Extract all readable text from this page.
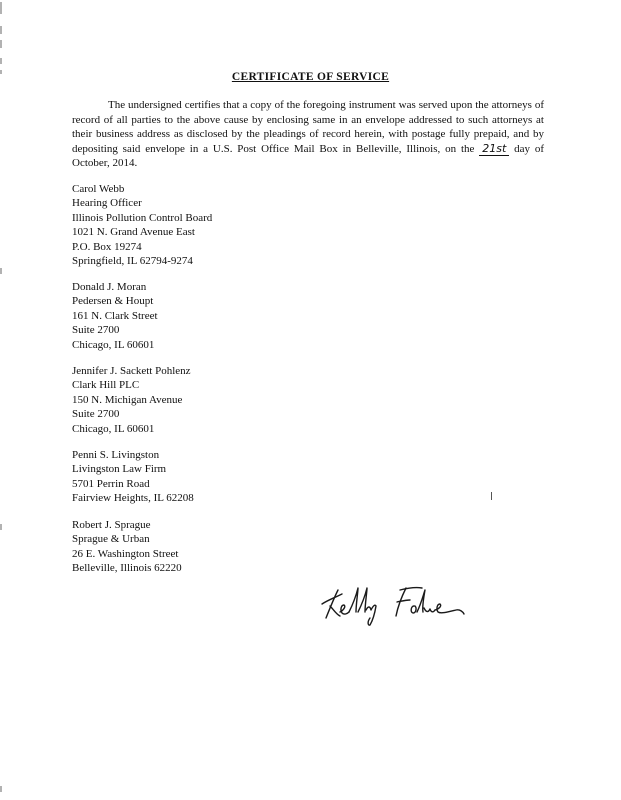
CERTIFICATE OF SERVICE
The undersigned certifies that a copy of the foregoing instrument was served upon the attorneys of record of all parties to the above cause by enclosing same in an envelope addressed to such attorneys at their business address as disclosed by the pleadings of record herein, with postage fully prepaid, and by depositing said envelope in a U.S. Post Office Mail Box in Belleville, Illinois, on the 21st day of October, 2014.
Carol Webb
Hearing Officer
Illinois Pollution Control Board
1021 N. Grand Avenue East
P.O. Box 19274
Springfield, IL 62794-9274
Donald J. Moran
Pedersen & Houpt
161 N. Clark Street
Suite 2700
Chicago, IL 60601
Jennifer J. Sackett Pohlenz
Clark Hill PLC
150 N. Michigan Avenue
Suite 2700
Chicago, IL 60601
Penni S. Livingston
Livingston Law Firm
5701 Perrin Road
Fairview Heights, IL 62208
Robert J. Sprague
Sprague & Urban
26 E. Washington Street
Belleville, Illinois 62220
